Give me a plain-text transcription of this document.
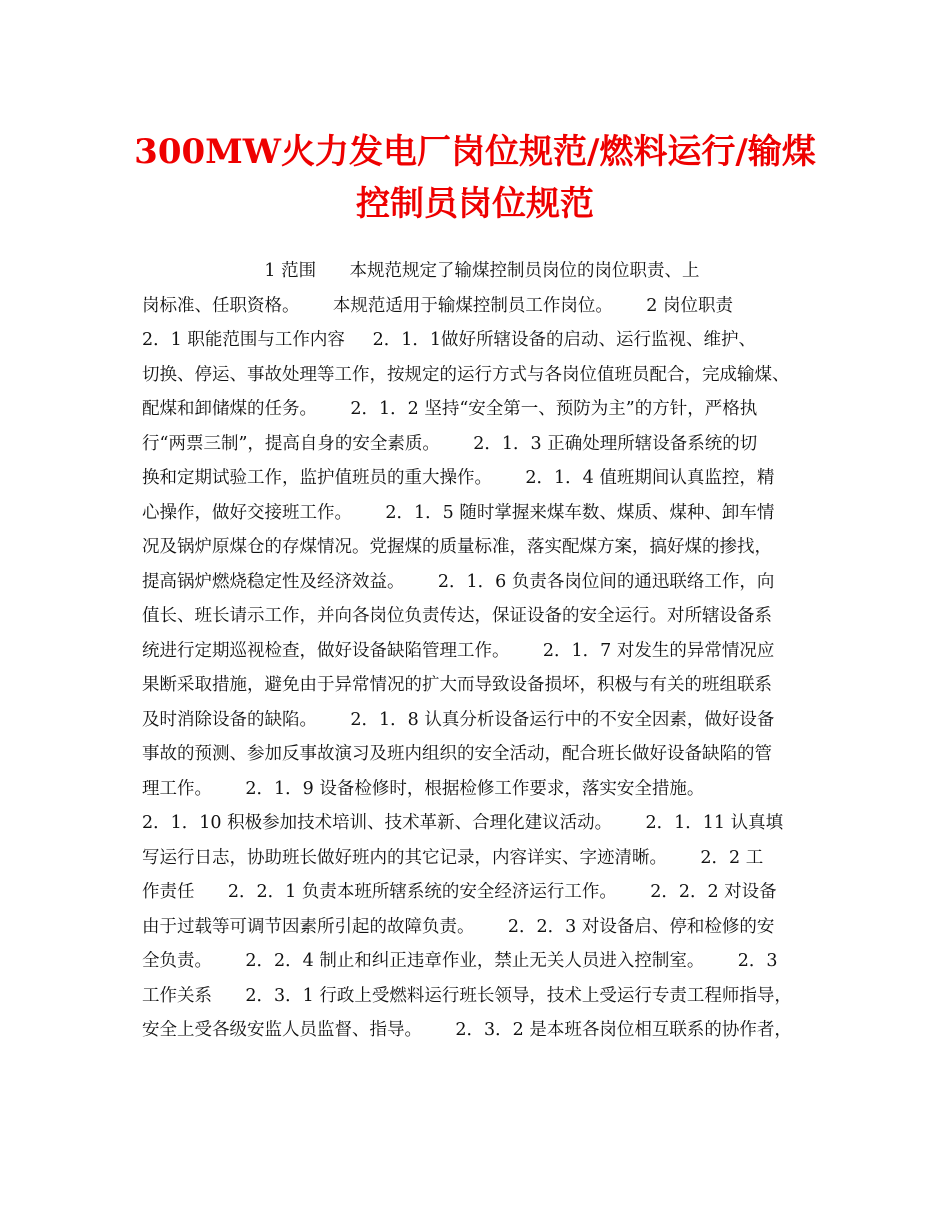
300MW火力发电厂岗位规范/燃料运行/输煤
控制员岗位规范
1 范围      本规范规定了输煤控制员岗位的岗位职责、上
岗标准、任职资格。      本规范适用于输煤控制员工作岗位。      2 岗位职责
2．1 职能范围与工作内容     2．1．1做好所辖设备的启动、运行监视、维护、
切换、停运、事故处理等工作，按规定的运行方式与各岗位值班员配合，完成输煤、
配煤和卸储煤的任务。      2．1．2 坚持“安全第一、预防为主”的方针，严格执
行“两票三制”，提高自身的安全素质。      2．1．3 正确处理所辖设备系统的切
换和定期试验工作，监护值班员的重大操作。      2．1．4 值班期间认真监控，精
心操作，做好交接班工作。      2．1．5 随时掌握来煤车数、煤质、煤种、卸车情
况及锅炉原煤仓的存煤情况。党握煤的质量标准，落实配煤方案，搞好煤的掺找，
提高锅炉燃烧稳定性及经济效益。      2．1．6 负责各岗位间的通迅联络工作，向
值长、班长请示工作，并向各岗位负责传达，保证设备的安全运行。对所辖设备系
统进行定期巡视检查，做好设备缺陷管理工作。      2．1．7 对发生的异常情况应
果断采取措施，避免由于异常情况的扩大而导致设备损坏，积极与有关的班组联系
及时消除设备的缺陷。      2．1．8 认真分析设备运行中的不安全因素，做好设备
事故的预测、参加反事故演习及班内组织的安全活动，配合班长做好设备缺陷的管
理工作。      2．1．9 设备检修时，根据检修工作要求，落实安全措施。
2．1．10 积极参加技术培训、技术革新、合理化建议活动。      2．1．11 认真填
写运行日志，协助班长做好班内的其它记录，内容详实、字迹清晰。      2．2 工
作责任      2．2．1 负责本班所辖系统的安全经济运行工作。      2．2．2 对设备
由于过载等可调节因素所引起的故障负责。      2．2．3 对设备启、停和检修的安
全负责。      2．2．4 制止和纠正违章作业，禁止无关人员进入控制室。      2．3
工作关系      2．3．1 行政上受燃料运行班长领导，技术上受运行专责工程师指导，
安全上受各级安监人员监督、指导。      2．3．2 是本班各岗位相互联系的协作者，
